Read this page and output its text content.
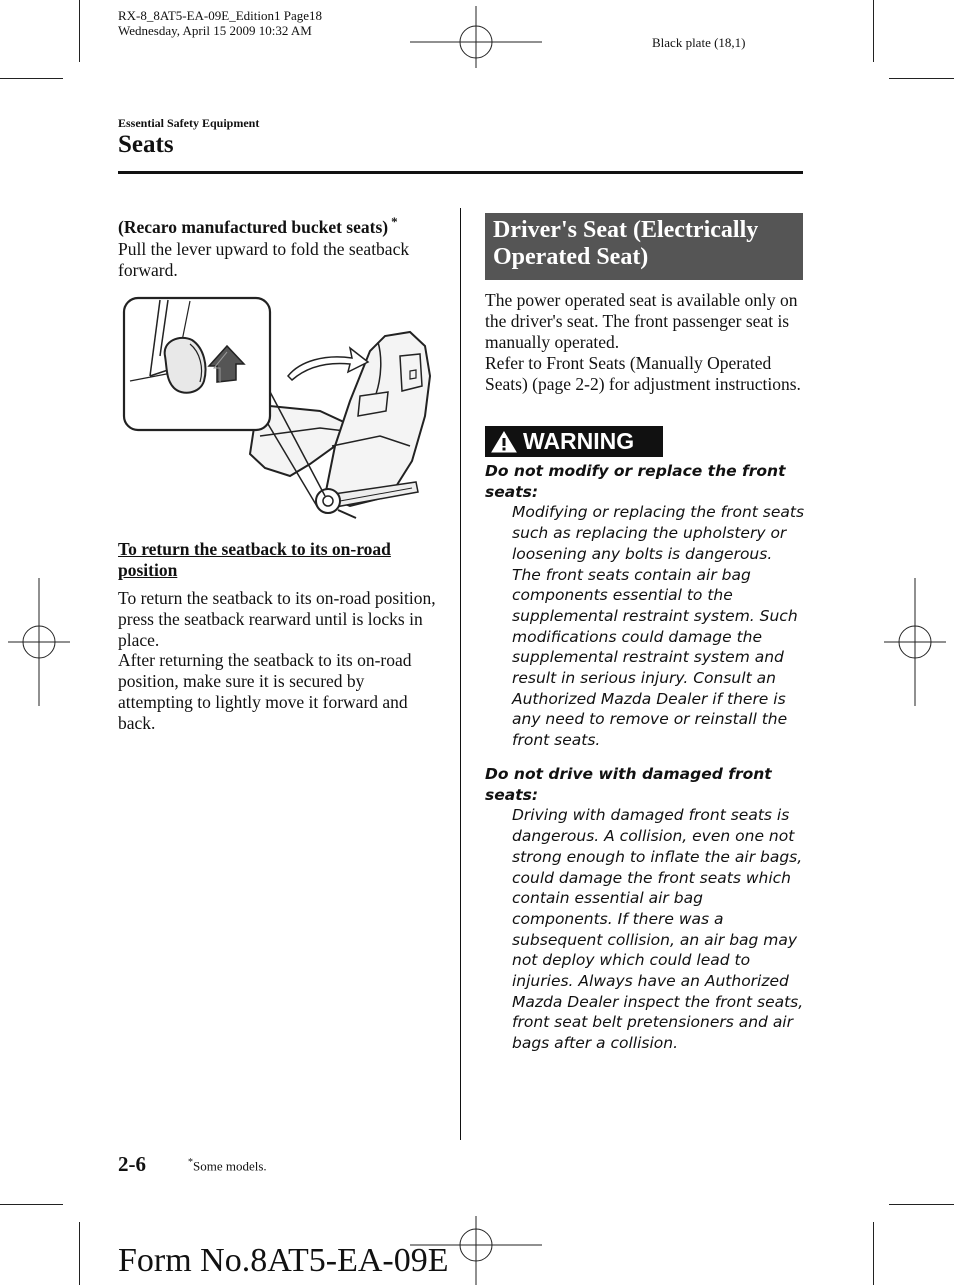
RX-8_8AT5-EA-09E_Edition1 Page18
Wednesday, April 15 2009 10:32 AM
Black plate (18,1)
Essential Safety Equipment
Seats
(Recaro manufactured bucket seats) *
Pull the lever upward to fold the seatback forward.
To return the seatback to its on-road position
To return the seatback to its on-road position, press the seatback rearward until is locks in place.
After returning the seatback to its on-road position, make sure it is secured by attempting to lightly move it forward and back.
Driver's Seat (Electrically Operated Seat)
The power operated seat is available only on the driver's seat. The front passenger seat is manually operated.
Refer to Front Seats (Manually Operated Seats) (page 2-2) for adjustment instructions.
WARNING
Do not modify or replace the front seats:
Modifying or replacing the front seats such as replacing the upholstery or loosening any bolts is dangerous. The front seats contain air bag components essential to the supplemental restraint system. Such modifications could damage the supplemental restraint system and result in serious injury. Consult an Authorized Mazda Dealer if there is any need to remove or reinstall the front seats.
Do not drive with damaged front seats:
Driving with damaged front seats is dangerous. A collision, even one not strong enough to inflate the air bags, could damage the front seats which contain essential air bag components. If there was a subsequent collision, an air bag may not deploy which could lead to injuries. Always have an Authorized Mazda Dealer inspect the front seats, front seat belt pretensioners and air bags after a collision.
2-6	*Some models.
Form No.8AT5-EA-09E
